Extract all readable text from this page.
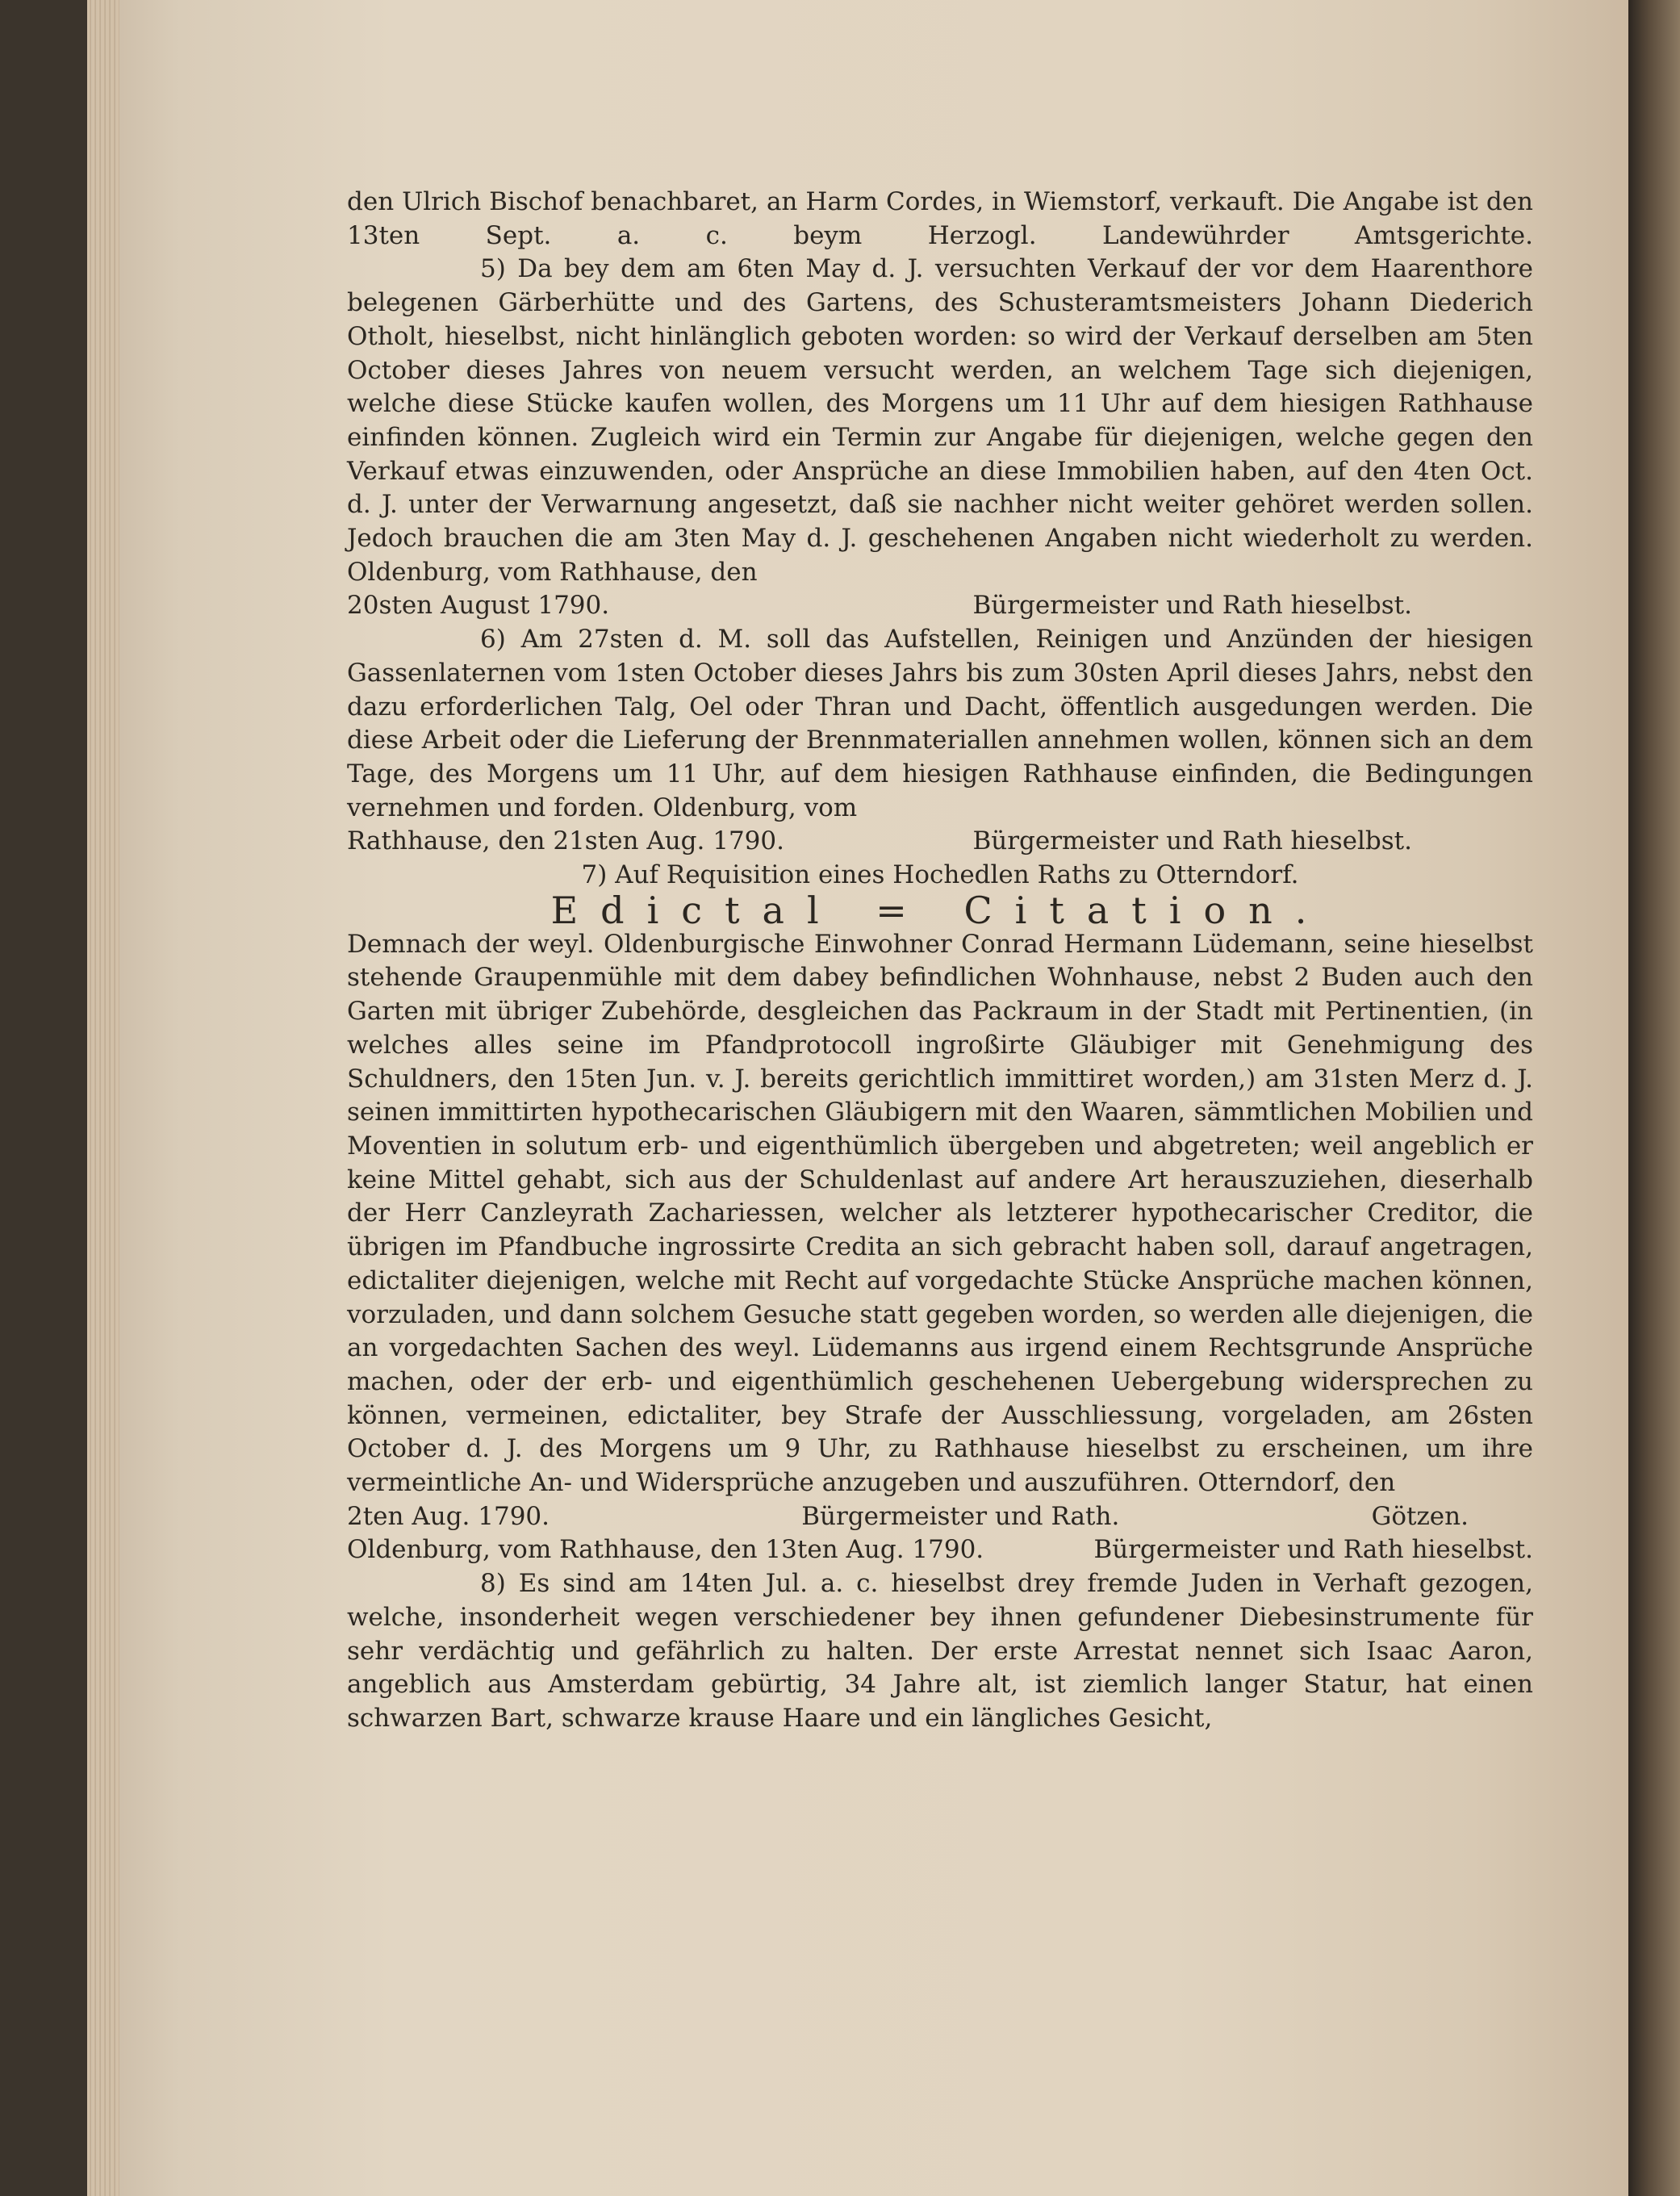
den Ulrich Bischof benachbaret, an Harm Cordes, in Wiemstorf, verkauft. Die Angabe ist den 13ten Sept. a. c. beym Herzogl. Landewührder Amtsgerichte.

5) Da bey dem am 6ten May d. J. versuchten Verkauf der vor dem Haarenthore belegenen Gärberhütte und des Gartens, des Schusteramtsmeisters Johann Diederich Otholt, hieselbst, nicht hinlänglich geboten worden: so wird der Verkauf derselben am 5ten October dieses Jahres von neuem versucht werden, an welchem Tage sich diejenigen, welche diese Stücke kaufen wollen, des Morgens um 11 Uhr auf dem hiesigen Rathhause einfinden können. Zugleich wird ein Termin zur Angabe für diejenigen, welche gegen den Verkauf etwas einzuwenden, oder Ansprüche an diese Immobilien haben, auf den 4ten Oct. d. J. unter der Verwarnung angesetzt, daß sie nachher nicht weiter gehöret werden sollen. Jedoch brauchen die am 3ten May d. J. geschehenen Angaben nicht wiederholt zu werden. Oldenburg, vom Rathhause, den

20sten August 1790.	Bürgermeister und Rath hieselbst.

6) Am 27sten d. M. soll das Aufstellen, Reinigen und Anzünden der hiesigen Gassenlaternen vom 1sten October dieses Jahrs bis zum 30sten April dieses Jahrs, nebst den dazu erforderlichen Talg, Oel oder Thran und Dacht, öffentlich ausgedungen werden. Die diese Arbeit oder die Lieferung der Brennmateriallen annehmen wollen, können sich an dem Tage, des Morgens um 11 Uhr, auf dem hiesigen Rathhause einfinden, die Bedingungen vernehmen und forden. Oldenburg, vom

Rathhause, den 21sten Aug. 1790.	Bürgermeister und Rath hieselbst.

7) Auf Requisition eines Hochedlen Raths zu Otterndorf.

Edictal = Citation.

Demnach der weyl. Oldenburgische Einwohner Conrad Hermann Lüdemann, seine hieselbst stehende Graupenmühle mit dem dabey befindlichen Wohnhause, nebst 2 Buden auch den Garten mit übriger Zubehörde, desgleichen das Packraum in der Stadt mit Pertinentien, (in welches alles seine im Pfandprotocoll ingroßirte Gläubiger mit Genehmigung des Schuldners, den 15ten Jun. v. J. bereits gerichtlich immittiret worden,) am 31sten Merz d. J. seinen immittirten hypothecarischen Gläubigern mit den Waaren, sämmtlichen Mobilien und Moventien in solutum erb- und eigenthümlich übergeben und abgetreten; weil angeblich er keine Mittel gehabt, sich aus der Schuldenlast auf andere Art herauszuziehen, dieserhalb der Herr Canzleyrath Zachariessen, welcher als letzterer hypothecarischer Creditor, die übrigen im Pfandbuche ingrossirte Credita an sich gebracht haben soll, darauf angetragen, edictaliter diejenigen, welche mit Recht auf vorgedachte Stücke Ansprüche machen können, vorzuladen, und dann solchem Gesuche statt gegeben worden, so werden alle diejenigen, die an vorgedachten Sachen des weyl. Lüdemanns aus irgend einem Rechtsgrunde Ansprüche machen, oder der erb- und eigenthümlich geschehenen Uebergebung widersprechen zu können, vermeinen, edictaliter, bey Strafe der Ausschliessung, vorgeladen, am 26sten October d. J. des Morgens um 9 Uhr, zu Rathhause hieselbst zu erscheinen, um ihre vermeintliche An- und Widersprüche anzugeben und auszuführen. Otterndorf, den

2ten Aug. 1790.	Bürgermeister und Rath.	Götzen.
Oldenburg, vom Rathhause, den 13ten Aug. 1790.	Bürgermeister und Rath hieselbst.

8) Es sind am 14ten Jul. a. c. hieselbst drey fremde Juden in Verhaft gezogen, welche, insonderheit wegen verschiedener bey ihnen gefundener Diebesinstrumente für sehr verdächtig und gefährlich zu halten. Der erste Arrestat nennet sich Isaac Aaron, angeblich aus Amsterdam gebürtig, 34 Jahre alt, ist ziemlich langer Statur, hat einen schwarzen Bart, schwarze krause Haare und ein längliches Gesicht,
